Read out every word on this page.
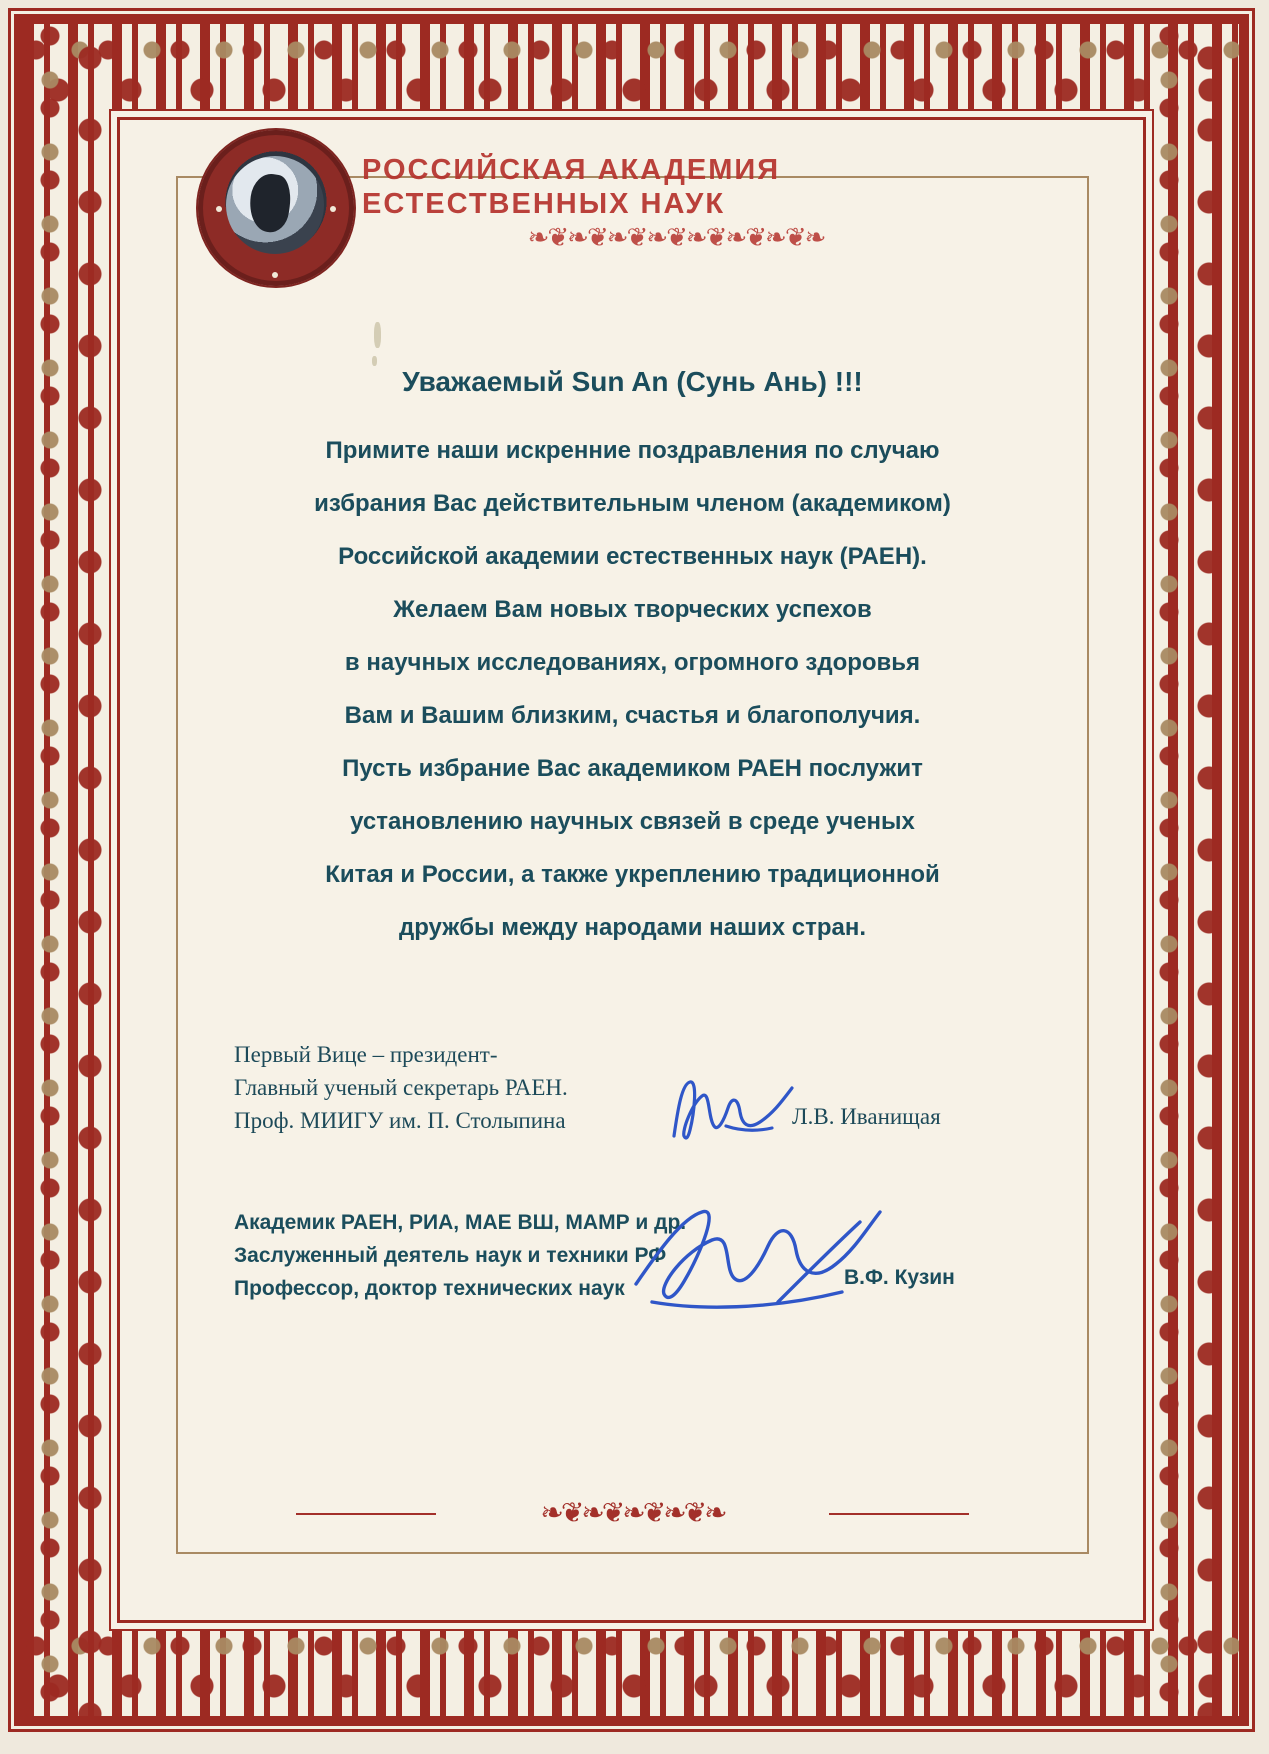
РОССИЙСКАЯ АКАДЕМИЯ
ЕСТЕСТВЕННЫХ НАУК
❧❦❧❦❧❦❧❦❧❦❧❦❧❦❧
Уважаемый Sun An (Сунь Ань) !!!

Примите наши искренние поздравления по случаю

избрания Вас действительным членом (академиком)

Российской академии естественных наук (РАЕН).

Желаем Вам новых творческих успехов

в научных исследованиях, огромного здоровья

Вам и Вашим близким, счастья и благополучия.

Пусть избрание Вас академиком РАЕН послужит

установлению научных связей в среде ученых

Китая и России, а также укреплению традиционной

дружбы между народами наших стран.

Первый Вице – президент-
Главный ученый секретарь РАЕН.
Проф. МИИГУ им. П. Столыпина	Л.В. Иванищая
Академик РАЕН, РИА, МАЕ ВШ, МАМР и др.
Заслуженный деятель наук и техники РФ
Профессор, доктор технических наук	В.Ф. Кузин
❧❦❧❦❧❦❧❦❧
